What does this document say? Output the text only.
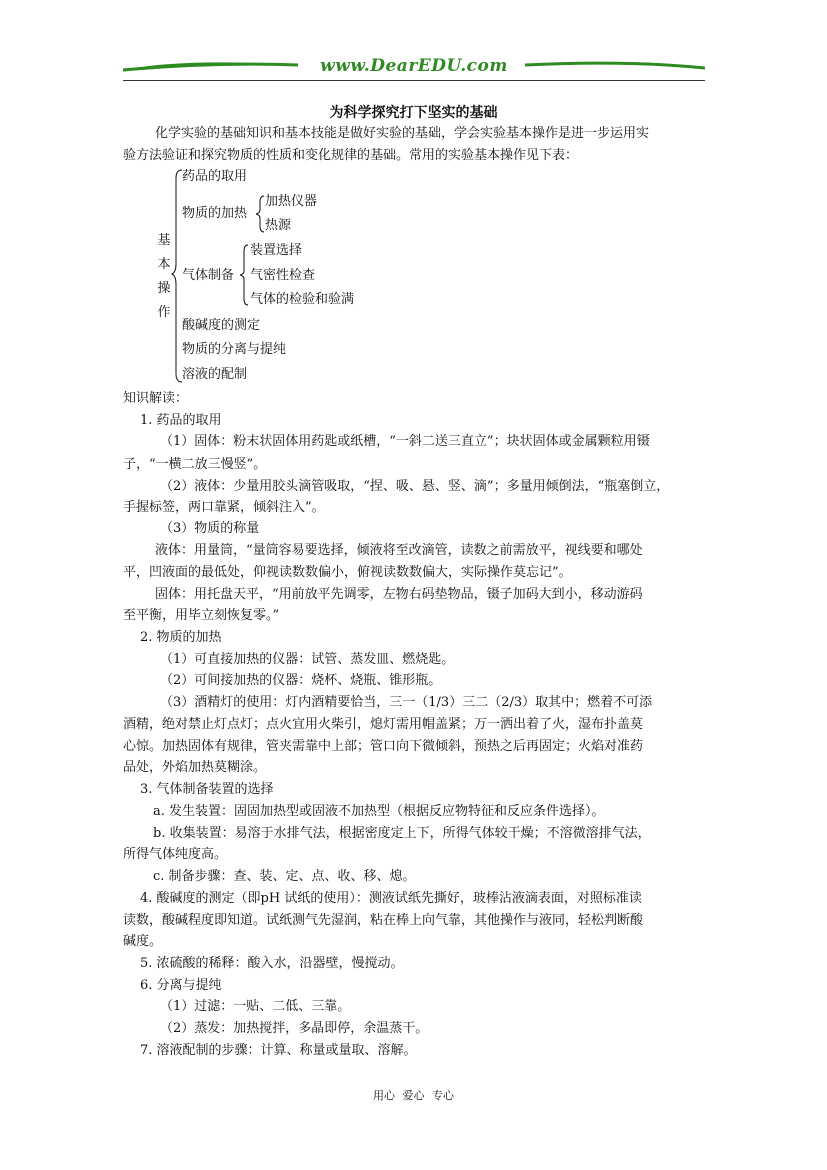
www.DearEDU.com
为科学探究打下坚实的基础
化学实验的基础知识和基本技能是做好实验的基础，学会实验基本操作是进一步运用实
验方法验证和探究物质的性质和变化规律的基础。常用的实验基本操作见下表：
基
本
操
作
药品的取用
物质的加热
加热仪器
热源
气体制备
装置选择
气密性检查
气体的检验和验满
酸碱度的测定
物质的分离与提纯
溶液的配制
知识解读：
1. 药品的取用
（1）固体：粉末状固体用药匙或纸槽，“一斜二送三直立”；块状固体或金属颗粒用镊
子，“一横二放三慢竖”。
（2）液体：少量用胶头滴管吸取，“捏、吸、悬、竖、滴”；多量用倾倒法，“瓶塞倒立，
手握标签，两口靠紧，倾斜注入”。
（3）物质的称量
液体：用量筒，“量筒容易要选择，倾液将至改滴管，读数之前需放平，视线要和哪处
平，凹液面的最低处，仰视读数数偏小，俯视读数数偏大，实际操作莫忘记”。
固体：用托盘天平，“用前放平先调零，左物右码垫物品，镊子加码大到小，移动游码
至平衡，用毕立刻恢复零。”
2. 物质的加热
（1）可直接加热的仪器：试管、蒸发皿、燃烧匙。
（2）可间接加热的仪器：烧杯、烧瓶、锥形瓶。
（3）酒精灯的使用：灯内酒精要恰当，三一（1/3）三二（2/3）取其中；燃着不可添
酒精，绝对禁止灯点灯；点火宜用火柴引，熄灯需用帽盖紧；万一洒出着了火，湿布扑盖莫
心惊。加热固体有规律，管夹需靠中上部；管口向下微倾斜，预热之后再固定；火焰对准药
品处，外焰加热莫糊涂。
3. 气体制备装置的选择
a. 发生装置：固固加热型或固液不加热型（根据反应物特征和反应条件选择）。
b. 收集装置：易溶于水排气法，根据密度定上下，所得气体较干燥；不溶微溶排气法，
所得气体纯度高。
c. 制备步骤：查、装、定、点、收、移、熄。
4. 酸碱度的测定（即pH 试纸的使用）：测液试纸先撕好，玻棒沾液滴表面，对照标准读
读数，酸碱程度即知道。试纸测气先湿润，粘在棒上向气靠，其他操作与液同，轻松判断酸
碱度。
5. 浓硫酸的稀释：酸入水，沿器壁，慢搅动。
6. 分离与提纯
（1）过滤：一贴、二低、三靠。
（2）蒸发：加热搅拌，多晶即停，余温蒸干。
7. 溶液配制的步骤：计算、称量或量取、溶解。
用心 爱心 专心
